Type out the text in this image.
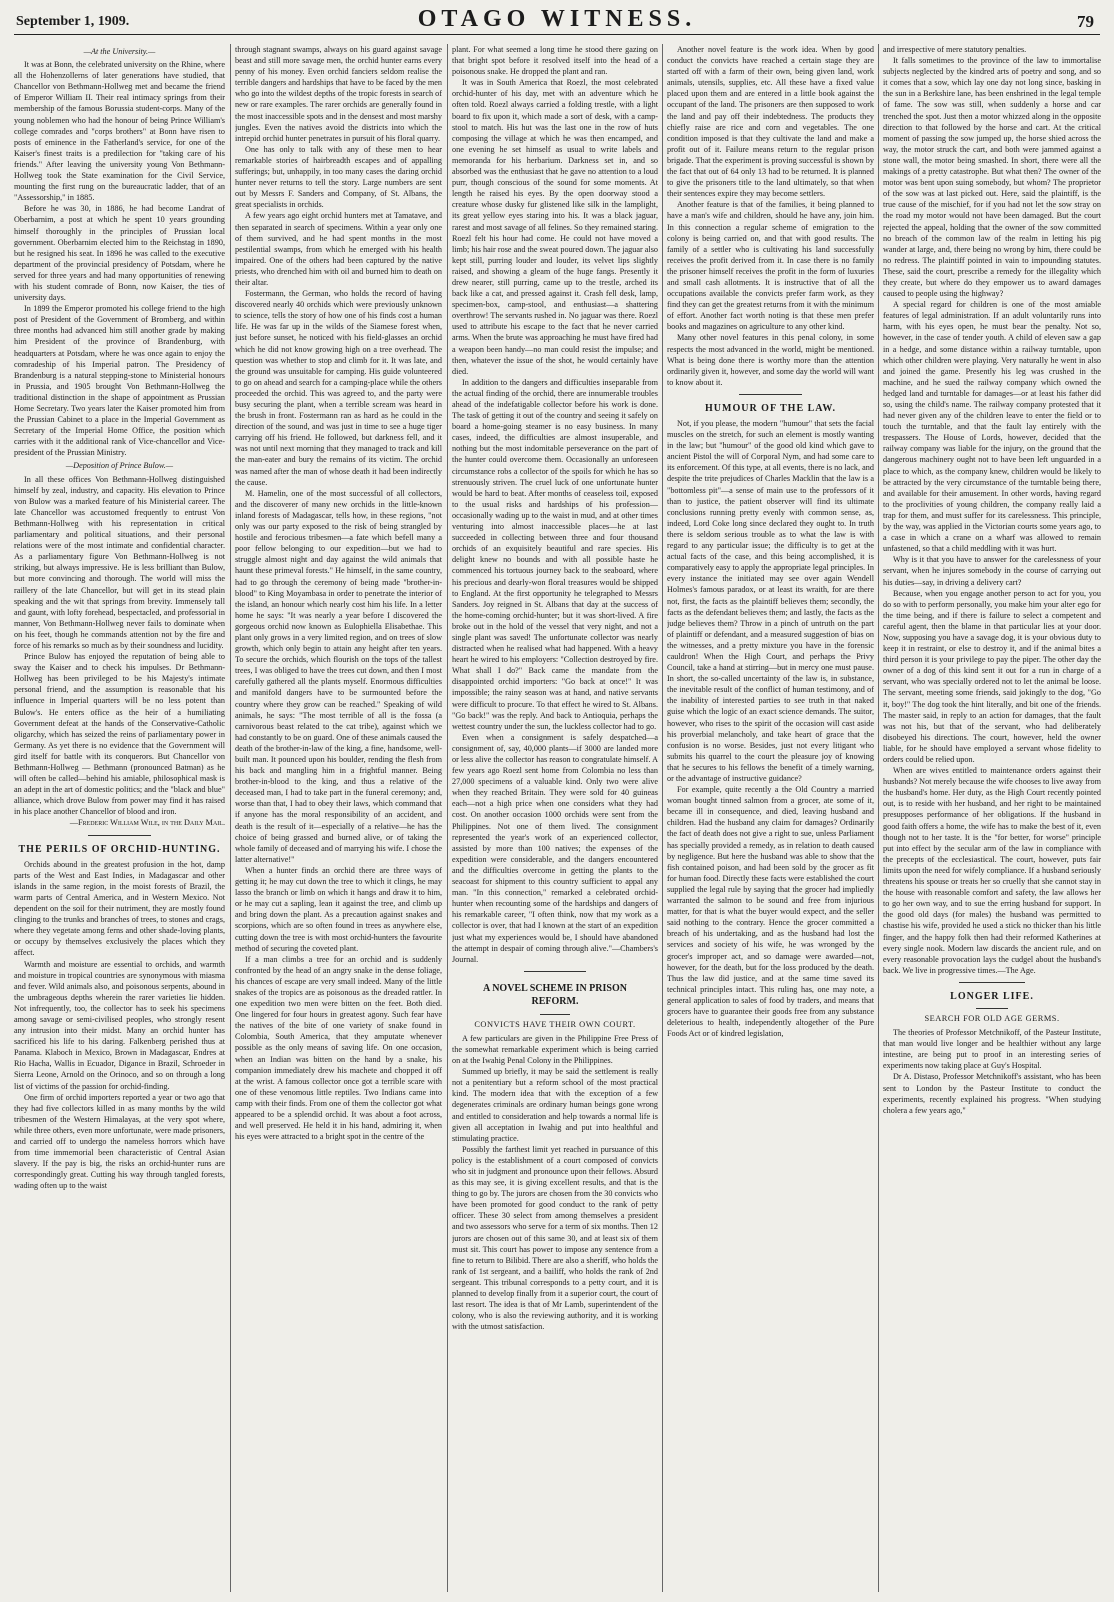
September 1, 1909.	OTAGO WITNESS.	79

—At the University.—

It was at Bonn, the celebrated university on the Rhine, where all the Hohenzollerns of later generations have studied, that Chancellor von Bethmann-Hollweg met and became the friend of Emperor William II. Their real intimacy springs from their membership of the famous Borussia student-corps. Many of the young noblemen who had the honour of being Prince William's college comrades and "corps brothers" at Bonn have risen to posts of eminence in the Fatherland's service, for one of the Kaiser's finest traits is a predilection for "taking care of his friends." After leaving the university young Von Bethmann-Hollweg took the State examination for the Civil Service, mounting the first rung on the bureaucratic ladder, that of an "Assessorship," in 1885.

Before he was 30, in 1886, he had become Landrat of Oberbarnim, a post at which he spent 10 years grounding himself thoroughly in the principles of Prussian local government. Oberbarnim elected him to the Reichstag in 1890, but he resigned his seat. In 1896 he was called to the executive department of the provincial presidency of Potsdam, where he served for three years and had many opportunities of renewing with his student comrade of Bonn, now Kaiser, the ties of university days.

In 1899 the Emperor promoted his college friend to the high post of President of the Government of Bromberg, and within three months had advanced him still another grade by making him President of the province of Brandenburg, with headquarters at Potsdam, where he was once again to enjoy the comradeship of his Imperial patron. The Presidency of Brandenburg is a natural stepping-stone to Ministerial honours in Prussia, and 1905 brought Von Bethmann-Hollweg the traditional distinction in the shape of appointment as Prussian Home Secretary. Two years later the Kaiser promoted him from the Prussian Cabinet to a place in the Imperial Government as Secretary of the Imperial Home Office, the position which carries with it the additional rank of Vice-chancellor and Vice-president of the Prussian Ministry.

—Deposition of Prince Bulow.—

In all these offices Von Bethmann-Hollweg distinguished himself by zeal, industry, and capacity. His elevation to Prince von Bulow was a marked feature of his Ministerial career. The late Chancellor was accustomed frequently to entrust Von Bethmann-Hollweg with his representation in critical parliamentary and political situations, and their personal relations were of the most intimate and confidential character. As a parliamentary figure Von Bethmann-Hollweg is not striking, but always impressive. He is less brilliant than Bulow, but more convincing and thorough. The world will miss the raillery of the late Chancellor, but will get in its stead plain speaking and the wit that springs from brevity. Immensely tall and gaunt, with lofty forehead, bespectacled, and professorial in manner, Von Bethmann-Hollweg never fails to dominate when on his feet, though he commands attention not by the fire and force of his remarks so much as by their soundness and lucidity.

Prince Bulow has enjoyed the reputation of being able to sway the Kaiser and to check his impulses. Dr Bethmann-Hollweg has been privileged to be his Majesty's intimate personal friend, and the assumption is reasonable that his influence in Imperial quarters will be no less potent than Bulow's. He enters office as the heir of a humiliating Government defeat at the hands of the Conservative-Catholic oligarchy, which has seized the reins of parliamentary power in Germany. As yet there is no evidence that the Government will gird itself for battle with its conquerors. But Chancellor von Bethmann-Hollweg — Bethmann (pronounced Batman) as he will often be called—behind his amiable, philosophical mask is an adept in the art of domestic politics; and the "black and blue" alliance, which drove Bulow from power may find it has raised in his place another Chancellor of blood and iron.

—Frederic William Wile, in the Daily Mail.

THE PERILS OF ORCHID-HUNTING.

Orchids abound in the greatest profusion in the hot, damp parts of the West and East Indies, in Madagascar and other islands in the same region, in the moist forests of Brazil, the warm parts of Central America, and in Western Mexico. Not dependent on the soil for their nutriment, they are mostly found clinging to the trunks and branches of trees, to stones and crags, where they vegetate among ferns and other shade-loving plants, or occupy by themselves exclusively the places which they affect.

Warmth and moisture are essential to orchids, and warmth and moisture in tropical countries are synonymous with miasma and fever. Wild animals also, and poisonous serpents, abound in the umbrageous depths wherein the rarer varieties lie hidden. Not infrequently, too, the collector has to seek his specimens among savage or semi-civilised peoples, who strongly resent any intrusion into their midst. Many an orchid hunter has sacrificed his life to his daring. Falkenberg perished thus at Panama. Klaboch in Mexico, Brown in Madagascar, Endres at Rio Hacha, Wallis in Ecuador, Digance in Brazil, Schroeder in Sierra Leone, Arnold on the Orinoco, and so on through a long list of victims of the passion for orchid-finding.

One firm of orchid importers reported a year or two ago that they had five collectors killed in as many months by the wild tribesmen of the Western Himalayas, at the very spot where, while three others, even more unfortunate, were made prisoners, and carried off to undergo the nameless horrors which have from time immemorial been characteristic of Central Asian slavery. If the pay is big, the risks an orchid-hunter runs are correspondingly great. Cutting his way through tangled forests, wading often up to the waist

through stagnant swamps, always on his guard against savage beast and still more savage men, the orchid hunter earns every penny of his money. Even orchid fanciers seldom realise the terrible dangers and hardships that have to be faced by the men who go into the wildest depths of the tropic forests in search of new or rare examples. The rarer orchids are generally found in the most inaccessible spots and in the densest and most marshy jungles. Even the natives avoid the districts into which the intrepid orchid hunter penetrates in pursuit of his floral quarry.

One has only to talk with any of these men to hear remarkable stories of hairbreadth escapes and of appalling sufferings; but, unhappily, in too many cases the daring orchid hunter never returns to tell the story. Large numbers are sent out by Messrs F. Sanders and Company, of St. Albans, the great specialists in orchids.

A few years ago eight orchid hunters met at Tamatave, and then separated in search of specimens. Within a year only one of them survived, and he had spent months in the most pestilential swamps, from which he emerged with his health impaired. One of the others had been captured by the native priests, who drenched him with oil and burned him to death on their altar.

Fostermann, the German, who holds the record of having discovered nearly 40 orchids which were previously unknown to science, tells the story of how one of his finds cost a human life. He was far up in the wilds of the Siamese forest when, just before sunset, he noticed with his field-glasses an orchid which he did not know growing high on a tree overhead. The question was whether to stop and climb for it. It was late, and the ground was unsuitable for camping. His guide volunteered to go on ahead and search for a camping-place while the others proceeded the orchid. This was agreed to, and the party were busy securing the plant, when a terrible scream was heard in the brush in front. Fostermann ran as hard as he could in the direction of the sound, and was just in time to see a huge tiger carrying off his friend. He followed, but darkness fell, and it was not until next morning that they managed to track and kill the man-eater and bury the remains of its victim. The orchid was named after the man of whose death it had been indirectly the cause.

M. Hamelin, one of the most successful of all collectors, and the discoverer of many new orchids in the little-known inland forests of Madagascar, tells how, in these regions, "not only was our party exposed to the risk of being strangled by hostile and ferocious tribesmen—a fate which befell many a poor fellow belonging to our expedition—but we had to struggle almost night and day against the wild animals that haunt these primeval forests." He himself, in the same country, had to go through the ceremony of being made "brother-in-blood" to King Moyambasa in order to penetrate the interior of the island, an honour which nearly cost him his life. In a letter home he says: "It was nearly a year before I discovered the gorgeous orchid now known as Eulophiella Elisabethae. This plant only grows in a very limited region, and on trees of slow growth, which only begin to attain any height after ten years. To secure the orchids, which flourish on the tops of the tallest trees, I was obliged to have the trees cut down, and then I most carefully gathered all the plants myself. Enormous difficulties and manifold dangers have to be surmounted before the country where they grow can be reached." Speaking of wild animals, he says: "The most terrible of all is the fossa (a carnivorous beast related to the cat tribe), against which we had constantly to be on guard. One of these animals caused the death of the brother-in-law of the king, a fine, handsome, well-built man. It pounced upon his boulder, rending the flesh from his back and mangling him in a frightful manner. Being brother-in-blood to the king, and thus a relative of the deceased man, I had to take part in the funeral ceremony; and, worse than that, I had to obey their laws, which command that if anyone has the moral responsibility of an accident, and death is the result of it—especially of a relative—he has the choice of being grassed and burned alive, or of taking the whole family of deceased and of marrying his wife. I chose the latter alternative!"

When a hunter finds an orchid there are three ways of getting it; he may cut down the tree to which it clings, he may lasso the branch or limb on which it hangs and draw it to him, or he may cut a sapling, lean it against the tree, and climb up and bring down the plant. As a precaution against snakes and scorpions, which are so often found in trees as anywhere else, cutting down the tree is with most orchid-hunters the favourite method of securing the coveted plant.

If a man climbs a tree for an orchid and is suddenly confronted by the head of an angry snake in the dense foliage, his chances of escape are very small indeed. Many of the little snakes of the tropics are as poisonous as the dreaded rattler. In one expedition two men were bitten on the feet. Both died. One lingered for four hours in greatest agony. Such fear have the natives of the bite of one variety of snake found in Colombia, South America, that they amputate whenever possible as the only means of saving life. On one occasion, when an Indian was bitten on the hand by a snake, his companion immediately drew his machete and chopped it off at the wrist. A famous collector once got a terrible scare with one of these venomous little reptiles. Two Indians came into camp with their finds. From one of them the collector got what appeared to be a splendid orchid. It was about a foot across, and well preserved. He held it in his hand, admiring it, when his eyes were attracted to a bright spot in the centre of the

plant. For what seemed a long time he stood there gazing on that bright spot before it resolved itself into the head of a poisonous snake. He dropped the plant and ran.

It was in South America that Roezl, the most celebrated orchid-hunter of his day, met with an adventure which he often told. Roezl always carried a folding trestle, with a light board to fix upon it, which made a sort of desk, with a camp-stool to match. His hut was the last one in the row of huts composing the village at which he was then encamped, and one evening he set himself as usual to write labels and memoranda for his herbarium. Darkness set in, and so absorbed was the enthusiast that he gave no attention to a loud purr, though conscious of the sound for some moments. At length he raised his eyes. By the open doorway stood a creature whose dusky fur glistened like silk in the lamplight, its great yellow eyes staring into his. It was a black jaguar, rarest and most savage of all felines. So they remained staring. Roezl felt his hour had come. He could not have moved a limb; his hair rose and the sweat poured down. The jaguar also kept still, purring louder and louder, its velvet lips slightly raised, and showing a gleam of the huge fangs. Presently it drew nearer, still purring, came up to the trestle, arched its back like a cat, and pressed against it. Crash fell desk, lamp, specimen-box, camp-stool, and enthusiast—a shattering overthrow! The servants rushed in. No jaguar was there. Roezl used to attribute his escape to the fact that he never carried arms. When the brute was approaching he must have fired had a weapon been handy—no man could resist the impulse; and then, whatever the issue of the shot, he would certainly have died.

In addition to the dangers and difficulties inseparable from the actual finding of the orchid, there are innumerable troubles ahead of the indefatigable collector before his work is done. The task of getting it out of the country and seeing it safely on board a home-going steamer is no easy business. In many cases, indeed, the difficulties are almost insuperable, and nothing but the most indomitable perseverance on the part of the hunter could overcome them. Occasionally an unforeseen circumstance robs a collector of the spoils for which he has so strenuously striven. The cruel luck of one unfortunate hunter would be hard to beat. After months of ceaseless toil, exposed to the usual risks and hardships of his profession—occasionally wading up to the waist in mud, and at other times venturing into almost inaccessible places—he at last succeeded in collecting between three and four thousand orchids of an exquisitely beautiful and rare species. His delight knew no bounds and with all possible haste he commenced his tortuous journey back to the seaboard, where his precious and dearly-won floral treasures would be shipped to England. At the first opportunity he telegraphed to Messrs Sanders. Joy reigned in St. Albans that day at the success of the home-coming orchid-hunter; but it was short-lived. A fire broke out in the hold of the vessel that very night, and not a single plant was saved! The unfortunate collector was nearly distracted when he realised what had happened. With a heavy heart he wired to his employers: "Collection destroyed by fire. What shall I do?" Back came the mandate from the disappointed orchid importers: "Go back at once!" It was impossible; the rainy season was at hand, and native servants were difficult to procure. To that effect he wired to St. Albans. "Go back!" was the reply. And back to Antioquia, perhaps the wettest country under the sun, the luckless collector had to go.

Even when a consignment is safely despatched—a consignment of, say, 40,000 plants—if 3000 are landed more or less alive the collector has reason to congratulate himself. A few years ago Roezl sent home from Colombia no less than 27,000 specimens of a valuable kind. Only two were alive when they reached Britain. They were sold for 40 guineas each—not a high price when one considers what they had cost. On another occasion 1000 orchids were sent from the Philippines. Not one of them lived. The consignment represented the year's work of an experienced collector, assisted by more than 100 natives; the expenses of the expedition were considerable, and the dangers encountered and the difficulties overcome in getting the plants to the seacoast for shipment to this country sufficient to appal any man. "In this connection," remarked a celebrated orchid-hunter when recounting some of the hardships and dangers of his remarkable career, "I often think, now that my work as a collector is over, that had I known at the start of an expedition just what my experiences would be, I should have abandoned the attempt in despair of coming through alive."—Chambers's Journal.

A NOVEL SCHEME IN PRISON
REFORM.
CONVICTS HAVE THEIR OWN COURT.

A few particulars are given in the Philippine Free Press of the somewhat remarkable experiment which is being carried on at the Iwahig Penal Colony in the Philippines.

Summed up briefly, it may be said the settlement is really not a penitentiary but a reform school of the most practical kind. The modern idea that with the exception of a few degenerates criminals are ordinary human beings gone wrong and entitled to consideration and help towards a normal life is given all acceptation in Iwahig and put into healthful and stimulating practice.

Possibly the farthest limit yet reached in pursuance of this policy is the establishment of a court composed of convicts who sit in judgment and pronounce upon their fellows. Absurd as this may see, it is giving excellent results, and that is the thing to go by. The jurors are chosen from the 30 convicts who have been promoted for good conduct to the rank of petty officer. These 30 select from among themselves a president and two assessors who serve for a term of six months. Then 12 jurors are chosen out of this same 30, and at least six of them must sit. This court has power to impose any sentence from a fine to return to Bilibid. There are also a sheriff, who holds the rank of 1st sergeant, and a bailiff, who holds the rank of 2nd sergeant. This tribunal corresponds to a petty court, and it is planned to develop finally from it a superior court, the court of last resort. The idea is that of Mr Lamb, superintendent of the colony, who is also the reviewing authority, and it is working with the utmost satisfaction.

Another novel feature is the work idea. When by good conduct the convicts have reached a certain stage they are started off with a farm of their own, being given land, work animals, utensils, supplies, etc. All these have a fixed value placed upon them and are entered in a little book against the occupant of the land. The prisoners are then supposed to work the land and pay off their indebtedness. The products they chiefly raise are rice and corn and vegetables. The one condition imposed is that they cultivate the land and make a profit out of it. Failure means return to the regular prison brigade. That the experiment is proving successful is shown by the fact that out of 64 only 13 had to be returned. It is planned to give the prisoners title to the land ultimately, so that when their sentences expire they may become settlers.

Another feature is that of the families, it being planned to have a man's wife and children, should he have any, join him. In this connection a regular scheme of emigration to the colony is being carried on, and that with good results. The family of a settler who is cultivating his land successfully receives the profit derived from it. In case there is no family the prisoner himself receives the profit in the form of luxuries and small cash allotments. It is instructive that of all the occupations available the convicts prefer farm work, as they find they can get the greatest returns from it with the minimum of effort. Another fact worth noting is that these men prefer books and magazines on agriculture to any other kind.

Many other novel features in this penal colony, in some respects the most advanced in the world, might be mentioned. What is being done there is worthy more than the attention ordinarily given it, however, and some day the world will want to know about it.

HUMOUR OF THE LAW.

Not, if you please, the modern "humour" that sets the facial muscles on the stretch, for such an element is mostly wanting in the law; but "humour" of the good old kind which gave to ancient Pistol the will of Corporal Nym, and had some care to its enforcement. Of this type, at all events, there is no lack, and despite the trite prejudices of Charles Macklin that the law is a "bottomless pit"—a sense of main use to the professors of it than to justice, the patient observer will find its ultimate conclusions running pretty evenly with common sense, as, indeed, Lord Coke long since declared they ought to. In truth there is seldom serious trouble as to what the law is with regard to any particular issue; the difficulty is to get at the actual facts of the case, and this being accomplished, it is comparatively easy to apply the appropriate legal principles. In every instance the initiated may see over again Wendell Holmes's famous paradox, or at least its wraith, for are there not, first, the facts as the plaintiff believes them; secondly, the facts as the defendant believes them; and lastly, the facts as the judge believes them? Throw in a pinch of untruth on the part of plaintiff or defendant, and a measured suggestion of bias on the witnesses, and a pretty mixture you have in the forensic cauldron! When the High Court, and perhaps the Privy Council, take a hand at stirring—but in mercy one must pause. In short, the so-called uncertainty of the law is, in substance, the inevitable result of the conflict of human testimony, and of the inability of interested parties to see truth in that naked guise which the logic of an exact science demands. The suitor, however, who rises to the spirit of the occasion will cast aside his proverbial melancholy, and take heart of grace that the confusion is no worse. Besides, just not every litigant who submits his quarrel to the court the pleasure joy of knowing that he secures to his fellows the benefit of a timely warning, or the advantage of instructive guidance?

For example, quite recently a the Old Country a married woman bought tinned salmon from a grocer, ate some of it, became ill in consequence, and died, leaving husband and children. Had the husband any claim for damages? Ordinarily the fact of death does not give a right to sue, unless Parliament has specially provided a remedy, as in relation to death caused by negligence. But here the husband was able to show that the fish contained poison, and had been sold by the grocer as fit for human food. Directly these facts were established the court supplied the legal rule by saying that the grocer had impliedly warranted the salmon to be sound and free from injurious matter, for that is what the buyer would expect, and the seller said nothing to the contrary. Hence the grocer committed a breach of his undertaking, and as the husband had lost the services and society of his wife, he was wronged by the grocer's improper act, and so damage were awarded—not, however, for the death, but for the loss produced by the death. Thus the law did justice, and at the same time saved its technical principles intact. This ruling has, one may note, a general application to sales of food by traders, and means that grocers have to guarantee their goods free from any substance deleterious to health, independently altogether of the Pure Foods Act or of kindred legislation,

and irrespective of mere statutory penalties.

It falls sometimes to the province of the law to immortalise subjects neglected by the kindred arts of poetry and song, and so it comes that a sow, which lay one day not long since, basking in the sun in a Berkshire lane, has been enshrined in the legal temple of fame. The sow was still, when suddenly a horse and car trenched the spot. Just then a motor whizzed along in the opposite direction to that followed by the horse and cart. At the critical moment of passing the sow jumped up, the horse shied across the way, the motor struck the cart, and both were jammed against a stone wall, the motor being smashed. In short, there were all the makings of a pretty catastrophe. But what then? The owner of the motor was bent upon suing somebody, but whom? The proprietor of the sow was at last picked out. Here, said the plaintiff, is the true cause of the mischief, for if you had not let the sow stray on the road my motor would not have been damaged. But the court rejected the appeal, holding that the owner of the sow committed no breach of the common law of the realm in letting his pig wander at large, and, there being no wrong by him, there could be no redress. The plaintiff pointed in vain to impounding statutes. These, said the court, prescribe a remedy for the illegality which they create, but where do they empower us to award damages caused to people using the highway?

A special regard for children is one of the most amiable features of legal administration. If an adult voluntarily runs into harm, with his eyes open, he must bear the penalty. Not so, however, in the case of tender youth. A child of eleven saw a gap in a hedge, and some distance within a railway turntable, upon which other children were playing. Very naturally he went in also and joined the game. Presently his leg was crushed in the machine, and he sued the railway company which owned the hedged land and turntable for damages—or at least his father did so, using the child's name. The railway company protested that it had never given any of the children leave to enter the field or to touch the turntable, and that the fault lay entirely with the trespassers. The House of Lords, however, decided that the railway company was liable for the injury, on the ground that the dangerous machinery ought not to have been left unguarded in a place to which, as the company knew, children would be likely to be attracted by the very circumstance of the turntable being there, and available for their amusement. In other words, having regard to the proclivities of young children, the company really laid a trap for them, and must suffer for its carelessness. This principle, by the way, was applied in the Victorian courts some years ago, to a case in which a crane on a wharf was allowed to remain unfastened, so that a child meddling with it was hurt.

Why is it that you have to answer for the carelessness of your servant, when he injures somebody in the course of carrying out his duties—say, in driving a delivery cart?

Because, when you engage another person to act for you, you do so with to perform personally, you make him your alter ego for the time being, and if there is failure to select a competent and careful agent, then the blame in that particular lies at your door. Now, supposing you have a savage dog, it is your obvious duty to keep it in restraint, or else to destroy it, and if the animal bites a third person it is your privilege to pay the piper. The other day the owner of a dog of this kind sent it out for a run in charge of a servant, who was specially ordered not to let the animal be loose. The servant, meeting some friends, said jokingly to the dog, "Go it, boy!" The dog took the hint literally, and bit one of the friends. The master said, in reply to an action for damages, that the fault was not his, but that of the servant, who had deliberately disobeyed his directions. The court, however, held the owner liable, for he should have employed a servant whose fidelity to orders could be relied upon.

When are wives entitled to maintenance orders against their husbands? Not merely because the wife chooses to live away from the husband's home. Her duty, as the High Court recently pointed out, is to reside with her husband, and her right to be maintained presupposes performance of her obligations. If the husband in good faith offers a home, the wife has to make the best of it, even though not to her taste. It is the "for better, for worse" principle put into effect by the secular arm of the law in compliance with the precepts of the ecclesiastical. The court, however, puts fair limits upon the need for wifely compliance. If a husband seriously threatens his spouse or treats her so cruelly that she cannot stay in the house with reasonable comfort and safety, the law allows her to go her own way, and to sue the erring husband for support. In the good old days (for males) the husband was permitted to chastise his wife, provided he used a stick no thicker than his little finger, and the happy folk then had their reformed Katherines at every single nook. Modern law discards the ancient rule, and on every reasonable provocation lays the cudgel about the husband's back. We live in progressive times.—The Age.

LONGER LIFE.
SEARCH FOR OLD AGE GERMS.

The theories of Professor Metchnikoff, of the Pasteur Institute, that man would live longer and be healthier without any large intestine, are being put to proof in an interesting series of experiments now taking place at Guy's Hospital.

Dr A. Distaso, Professor Metchnikoff's assistant, who has been sent to London by the Pasteur Institute to conduct the experiments, recently explained his progress. "When studying cholera a few years ago,"
